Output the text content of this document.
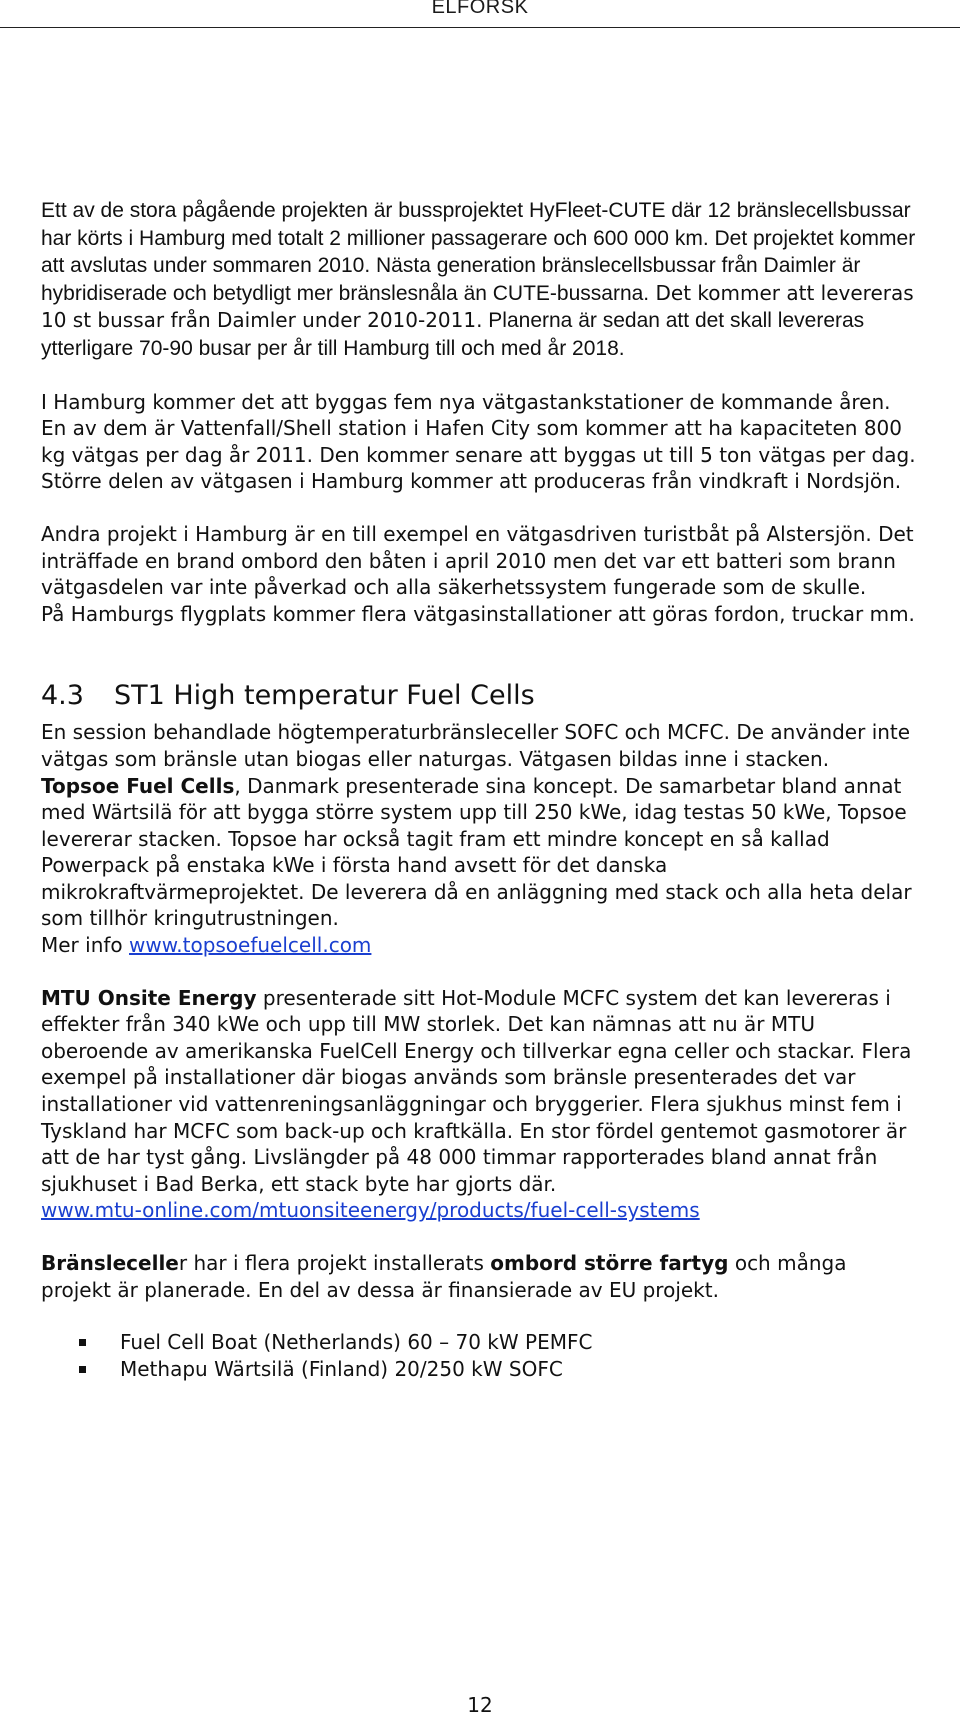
ELFORSK

Ett av de stora pågående projekten är bussprojektet HyFleet-CUTE där 12 bränslecellsbussar har körts i Hamburg med totalt 2 millioner passagerare och 600 000 km. Det projektet kommer att avslutas under sommaren 2010. Nästa generation bränslecellsbussar från Daimler är hybridiserade och betydligt mer bränslesnåla än CUTE-bussarna. Det kommer att levereras 10 st bussar från Daimler under 2010-2011. Planerna är sedan att det skall levereras ytterligare 70-90 busar per år till Hamburg till och med år 2018.

I Hamburg kommer det att byggas fem nya vätgastankstationer de kommande åren. En av dem är Vattenfall/Shell station i Hafen City som kommer att ha kapaciteten 800 kg vätgas per dag år 2011. Den kommer senare att byggas ut till 5 ton vätgas per dag. Större delen av vätgasen i Hamburg kommer att produceras från vindkraft i Nordsjön.

Andra projekt i Hamburg är en till exempel en vätgasdriven turistbåt på Alstersjön. Det inträffade en brand ombord den båten i april 2010 men det var ett batteri som brann vätgasdelen var inte påverkad och alla säkerhetssystem fungerade som de skulle.

På Hamburgs flygplats kommer flera vätgasinstallationer att göras fordon, truckar mm.

4.3 ST1 High temperatur Fuel Cells

En session behandlade högtemperaturbränsleceller SOFC och MCFC. De använder inte vätgas som bränsle utan biogas eller naturgas. Vätgasen bildas inne i stacken.

Topsoe Fuel Cells, Danmark presenterade sina koncept. De samarbetar bland annat med Wärtsilä för att bygga större system upp till 250 kWe, idag testas 50 kWe, Topsoe levererar stacken. Topsoe har också tagit fram ett mindre koncept en så kallad Powerpack på enstaka kWe i första hand avsett för det danska mikrokraftvärmeprojektet. De leverera då en anläggning med stack och alla heta delar som tillhör kringutrustningen.

Mer info www.topsoefuelcell.com

MTU Onsite Energy presenterade sitt Hot-Module MCFC system det kan levereras i effekter från 340 kWe och upp till MW storlek. Det kan nämnas att nu är MTU oberoende av amerikanska FuelCell Energy och tillverkar egna celler och stackar. Flera exempel på installationer där biogas används som bränsle presenterades det var installationer vid vattenreningsanläggningar och bryggerier. Flera sjukhus minst fem i Tyskland har MCFC som back-up och kraftkälla. En stor fördel gentemot gasmotorer är att de har tyst gång. Livslängder på 48 000 timmar rapporterades bland annat från sjukhuset i Bad Berka, ett stack byte har gjorts där.

www.mtu-online.com/mtuonsiteenergy/products/fuel-cell-systems

Bränsleceller har i flera projekt installerats ombord större fartyg och många projekt är planerade. En del av dessa är finansierade av EU projekt.

Fuel Cell Boat (Netherlands) 60 – 70 kW PEMFC
Methapu Wärtsilä (Finland) 20/250 kW SOFC
12
